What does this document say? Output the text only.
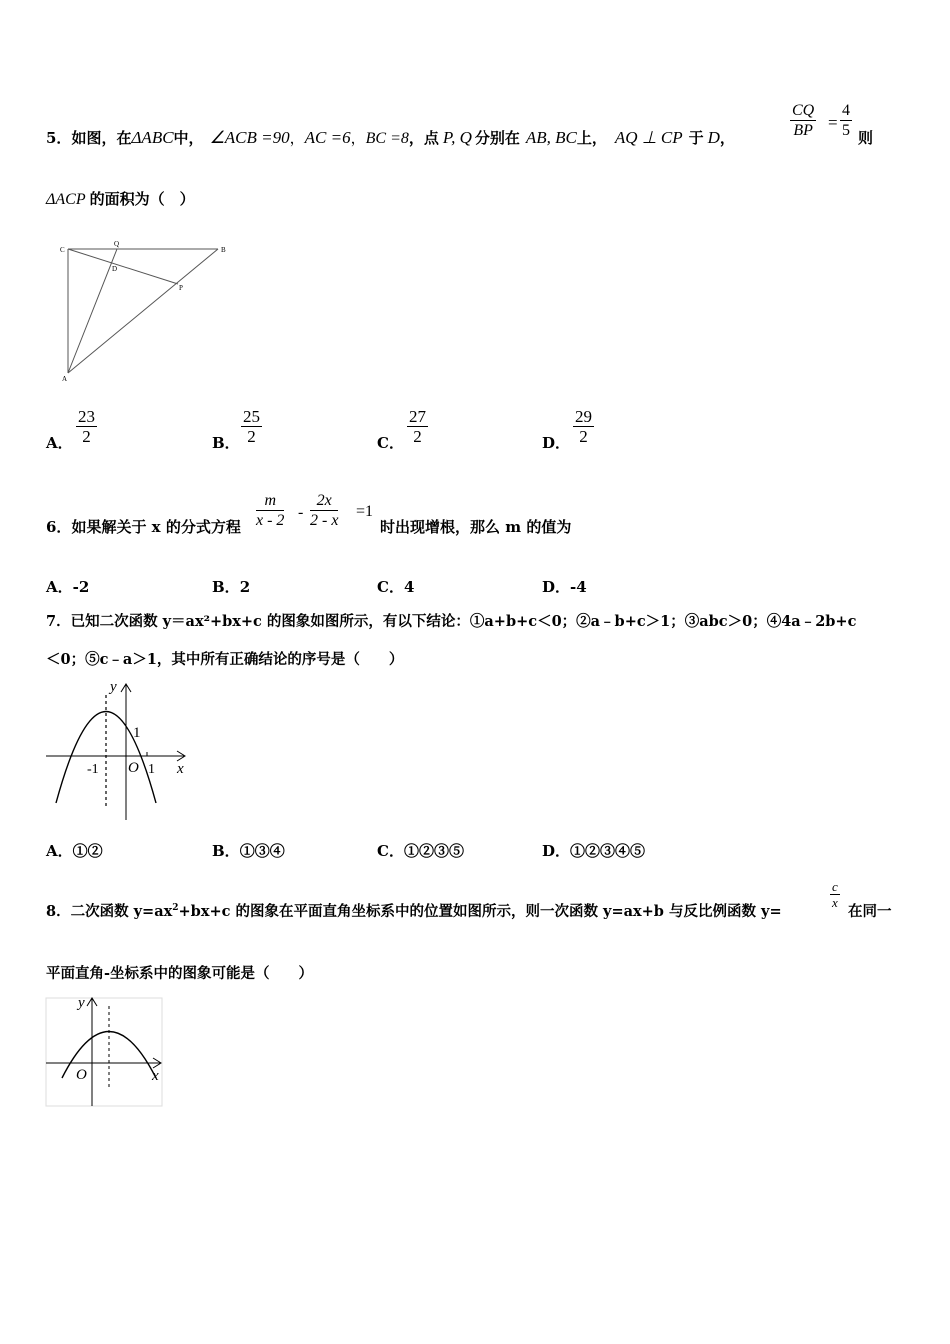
5．如图，在ΔABC中， ∠ACB =90，AC =6，BC =8，点 P, Q 分别在 AB, BC上， AQ ⊥ CP 于 D，
CQ
BP =
4
5 则
ΔACP 的面积为（　）
C
Q
B
D
P
A
A．
23
2	B．
25
2	C．
27
2	D．
29
2
6．如果解关于 x 的分式方程
m
x - 2 -
2x
2 - x
=1
时出现增根，那么 m 的值为
A．-2	B．2	C．4	D．-4
7．已知二次函数 y＝ax²+bx+c 的图象如图所示，有以下结论：①a+b+c＜0；②a﹣b+c＞1；③abc＞0；④4a﹣2b+c
＜0；⑤c﹣a＞1，其中所有正确结论的序号是（　　）
y
x
1
-1 O 1
A．①②	B．①③④	C．①②③⑤	D．①②③④⑤
8．二次函数 $y=ax^2+bx+c$ 的图象在平面直角坐标系中的位置如图所示，则一次函数 y=ax+b 与反比例函数 y=
c
x
在同一
平面直角-坐标系中的图象可能是（　　）
y
x
O
